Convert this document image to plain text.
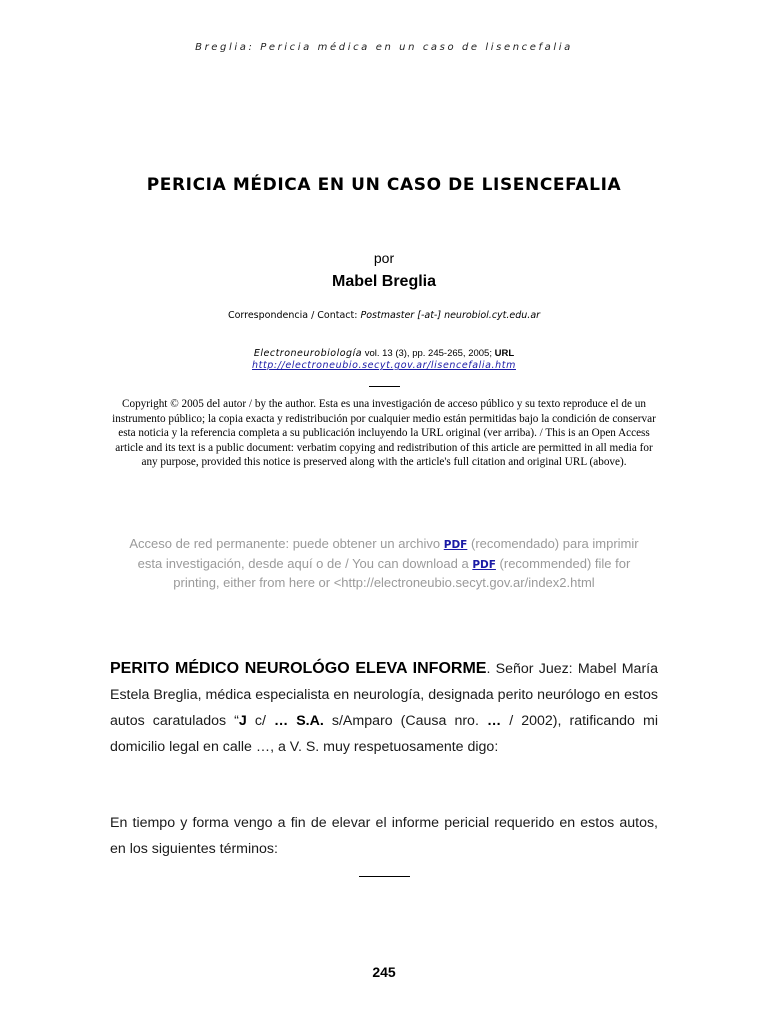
Breglia: Pericia médica en un caso de lisencefalia
PERICIA MÉDICA EN UN CASO DE LISENCEFALIA
por
Mabel Breglia
Correspondencia / Contact: Postmaster [-at-] neurobiol.cyt.edu.ar
Electroneurobiología vol. 13 (3), pp. 245-265, 2005; URL
http://electroneubio.secyt.gov.ar/lisencefalia.htm
Copyright © 2005 del autor / by the author. Esta es una investigación de acceso público y su texto reproduce el de un instrumento público; la copia exacta y redistribución por cualquier medio están permitidas bajo la condición de conservar esta noticia y la referencia completa a su publicación incluyendo la URL original (ver arriba). / This is an Open Access article and its text is a public document: verbatim copying and redistribution of this article are permitted in all media for any purpose, provided this notice is preserved along with the article's full citation and original URL (above).
Acceso de red permanente: puede obtener un archivo PDF (recomendado) para imprimir esta investigación, desde aquí o de / You can download a PDF (recommended) file for printing, either from here or <http://electroneubio.secyt.gov.ar/index2.html

PERITO MÉDICO NEUROLÓGO ELEVA INFORME. Señor Juez: Mabel María Estela Breglia, médica especialista en neurología, designada perito neurólogo en estos autos caratulados “J c/ … S.A. s/Amparo (Causa nro. … / 2002), ratificando mi domicilio legal en calle …, a V. S. muy respetuosamente digo:

En tiempo y forma vengo a fin de elevar el informe pericial requerido en estos autos, en los siguientes términos:

245
